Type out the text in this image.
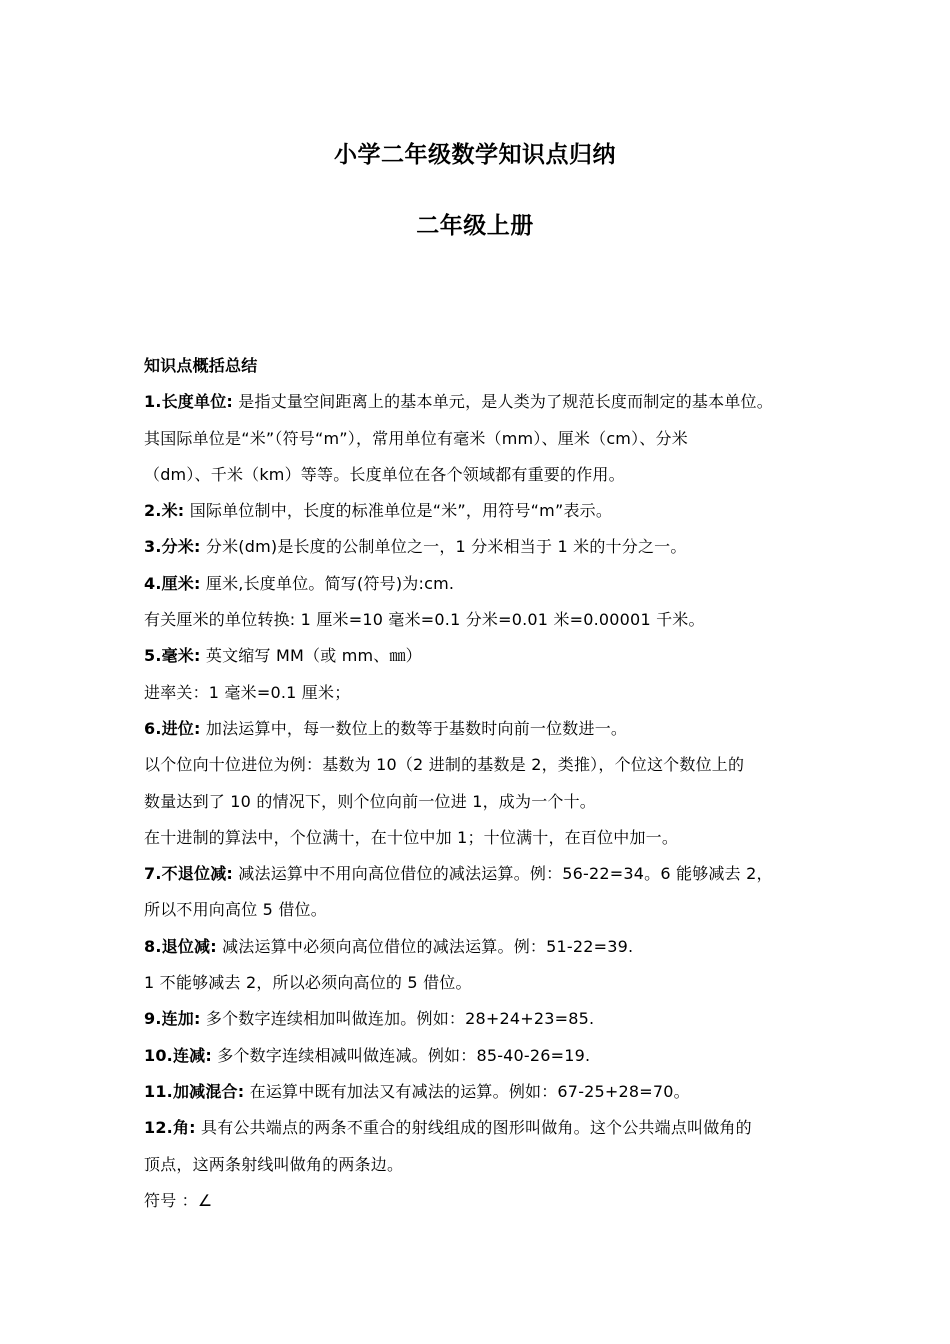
小学二年级数学知识点归纳
二年级上册
知识点概括总结
1.长度单位: 是指丈量空间距离上的基本单元，是人类为了规范长度而制定的基本单位。
其国际单位是“米”（符号“m”），常用单位有毫米（mm）、厘米（cm）、分米
（dm）、千米（km）等等。长度单位在各个领域都有重要的作用。
2.米: 国际单位制中，长度的标准单位是“米”，用符号“m”表示。
3.分米: 分米(dm)是长度的公制单位之一，1 分米相当于 1 米的十分之一。
4.厘米: 厘米,长度单位。简写(符号)为:cm.
有关厘米的单位转换: 1 厘米=10 毫米=0.1 分米=0.01 米=0.00001 千米。
5.毫米: 英文缩写 MM（或 mm、㎜）
进率关：1 毫米=0.1 厘米；
6.进位: 加法运算中，每一数位上的数等于基数时向前一位数进一。
以个位向十位进位为例：基数为 10（2 进制的基数是 2，类推），个位这个数位上的
数量达到了 10 的情况下，则个位向前一位进 1，成为一个十。
在十进制的算法中，个位满十，在十位中加 1；十位满十，在百位中加一。
7.不退位减: 减法运算中不用向高位借位的减法运算。例：56-22=34。6 能够减去 2，
所以不用向高位 5 借位。
8.退位减: 减法运算中必须向高位借位的减法运算。例：51-22=39.
1 不能够减去 2，所以必须向高位的 5 借位。
9.连加: 多个数字连续相加叫做连加。例如：28+24+23=85.
10.连减: 多个数字连续相减叫做连减。例如：85-40-26=19.
11.加减混合: 在运算中既有加法又有减法的运算。例如：67-25+28=70。
12.角: 具有公共端点的两条不重合的射线组成的图形叫做角。这个公共端点叫做角的
顶点，这两条射线叫做角的两条边。
符号 ：∠
